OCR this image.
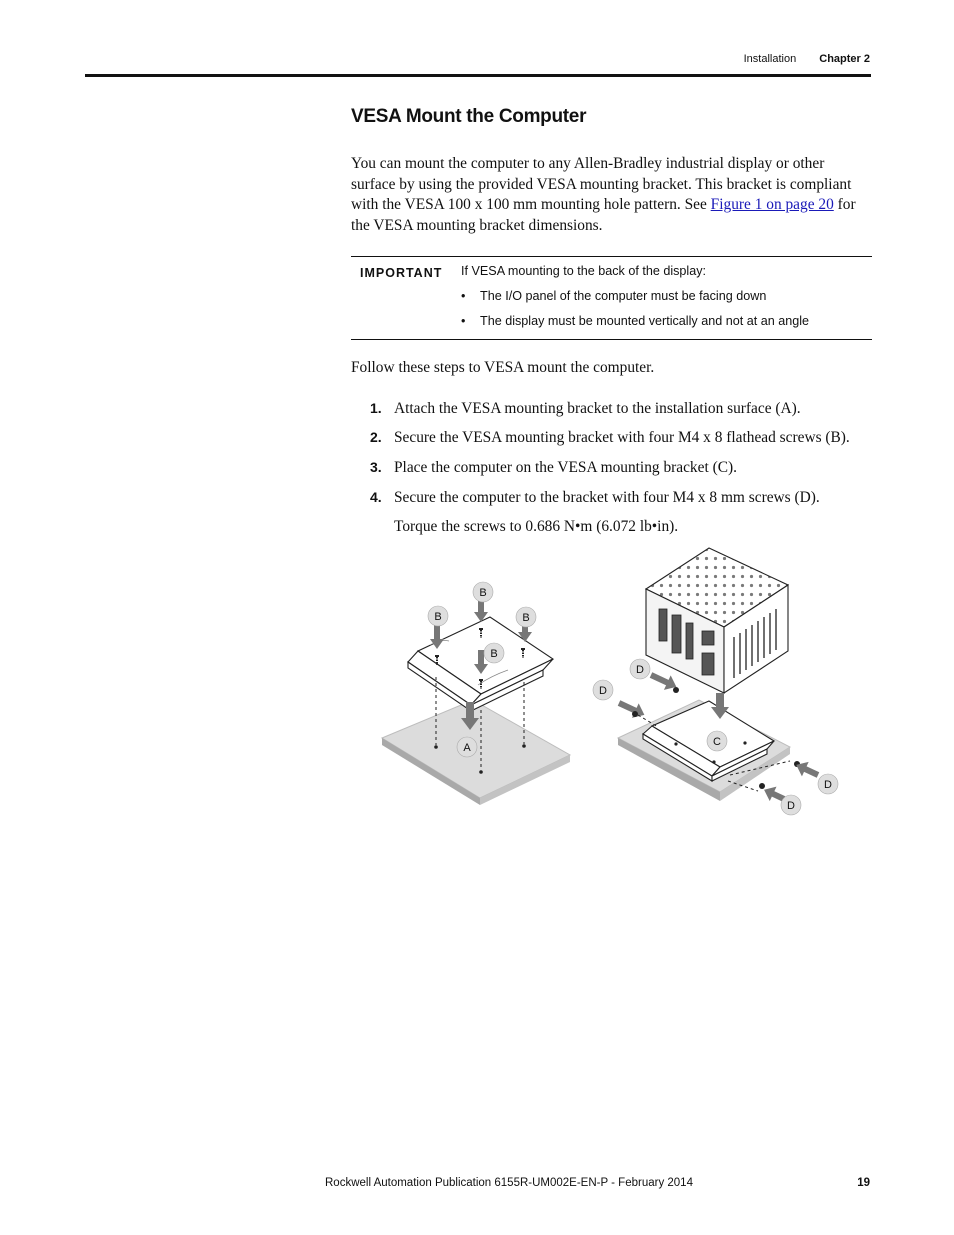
Installation Chapter 2
VESA Mount the Computer

You can mount the computer to any Allen-Bradley industrial display or other surface by using the provided VESA mounting bracket. This bracket is compliant with the VESA 100 x 100 mm mounting hole pattern. See Figure 1 on page 20 for the VESA mounting bracket dimensions.

IMPORTANT If VESA mounting to the back of the display:
• The I/O panel of the computer must be facing down
• The display must be mounted vertically and not at an angle

Follow these steps to VESA mount the computer.

1. Attach the VESA mounting bracket to the installation surface (A).
2. Secure the VESA mounting bracket with four M4 x 8 flathead screws (B).
3. Place the computer on the VESA mounting bracket (C).
4. Secure the computer to the bracket with four M4 x 8 mm screws (D).
Torque the screws to 0.686 N•m (6.072 lb•in).
B
B	B
B
A
D
D
C
D
D
Rockwell Automation Publication 6155R-UM002E-EN-P - February 2014	19
